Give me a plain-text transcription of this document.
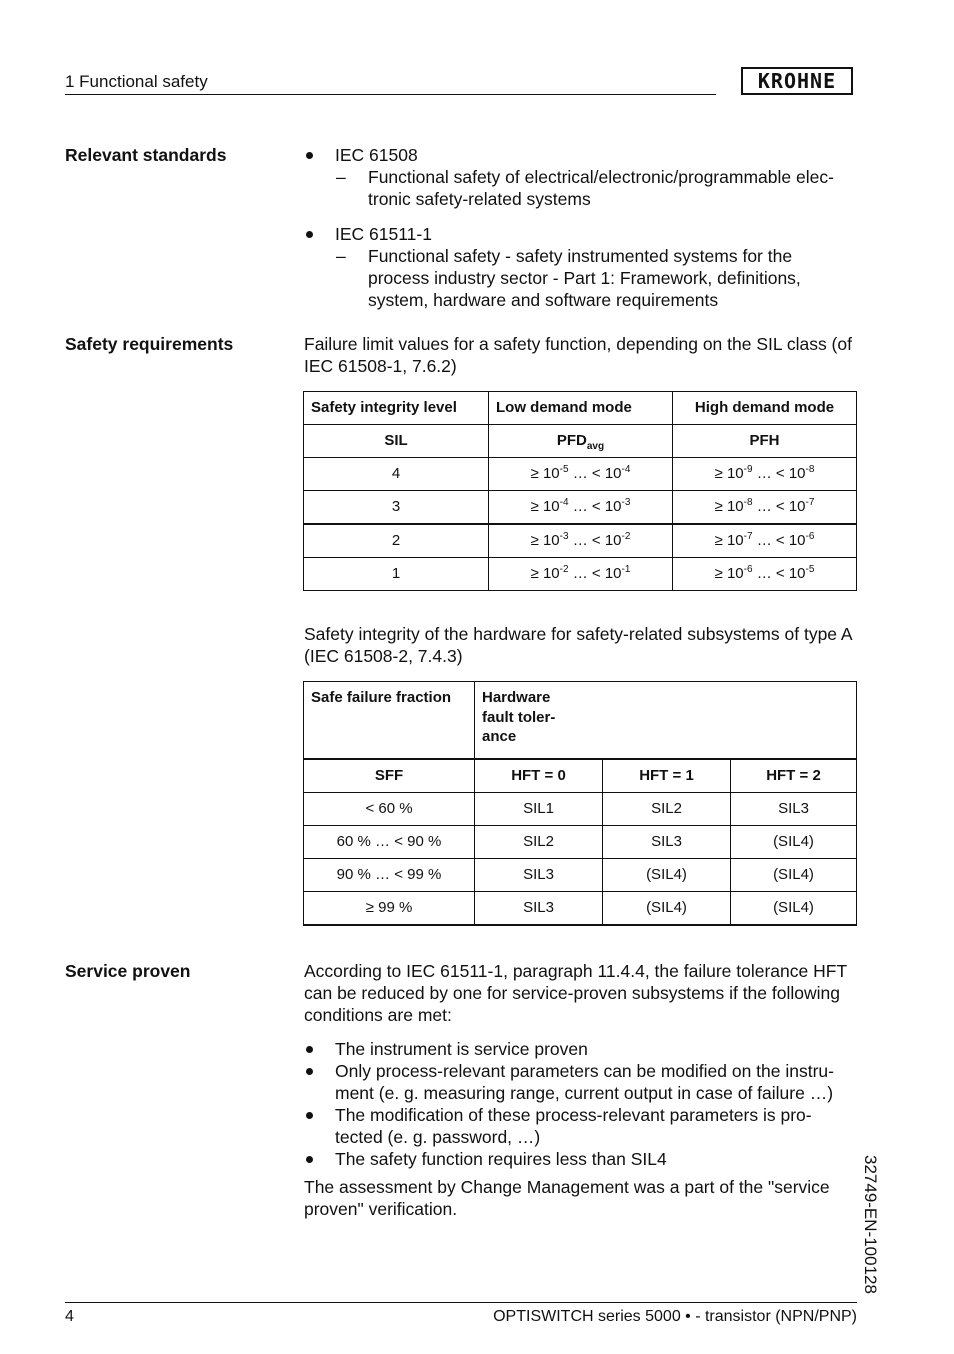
1 Functional safety	KROHNE
Relevant standards	IEC 61508
– Functional safety of electrical/electronic/programmable elec- tronic safety-related systems
IEC 61511-1
– Functional safety - safety instrumented systems for the process industry sector - Part 1: Framework, definitions, system, hardware and software requirements
Safety requirements	Failure limit values for a safety function, depending on the SIL class (of IEC 61508-1, 7.6.2)
Safety integrity level	Low demand mode	High demand mode
SIL	$PFD_{avg}$	PFH
4	≥ $10^{-5}$ … < $10^{-4}$	≥ $10^{-9}$ … < $10^{-8}$
3	≥ $10^{-4}$ … < $10^{-3}$	≥ $10^{-8}$ … < $10^{-7}$
2	≥ $10^{-3}$ … < $10^{-2}$	≥ $10^{-7}$ … < $10^{-6}$
1	≥ $10^{-2}$ … < $10^{-1}$	≥ $10^{-6}$ … < $10^{-5}$
Safety integrity of the hardware for safety-related subsystems of type A (IEC 61508-2, 7.4.3)
Safe failure fraction	Hardware fault toler- ance		

SFF	HFT = 0	HFT = 1	HFT = 2
< 60 %	SIL1	SIL2	SIL3
60 % … < 90 %	SIL2	SIL3	(SIL4)
90 % … < 99 %	SIL3	(SIL4)	(SIL4)
≥ 99 %	SIL3	(SIL4)	(SIL4)
Service proven	According to IEC 61511-1, paragraph 11.4.4, the failure tolerance HFT can be reduced by one for service-proven subsystems if the following conditions are met:
The instrument is service proven
Only process-relevant parameters can be modified on the instru- ment (e. g. measuring range, current output in case of failure …)
The modification of these process-relevant parameters is pro- tected (e. g. password, …)
The safety function requires less than SIL4
The assessment by Change Management was a part of the "service proven" verification.	32749-EN-100128
4	OPTISWITCH series 5000 • - transistor (NPN/PNP)
